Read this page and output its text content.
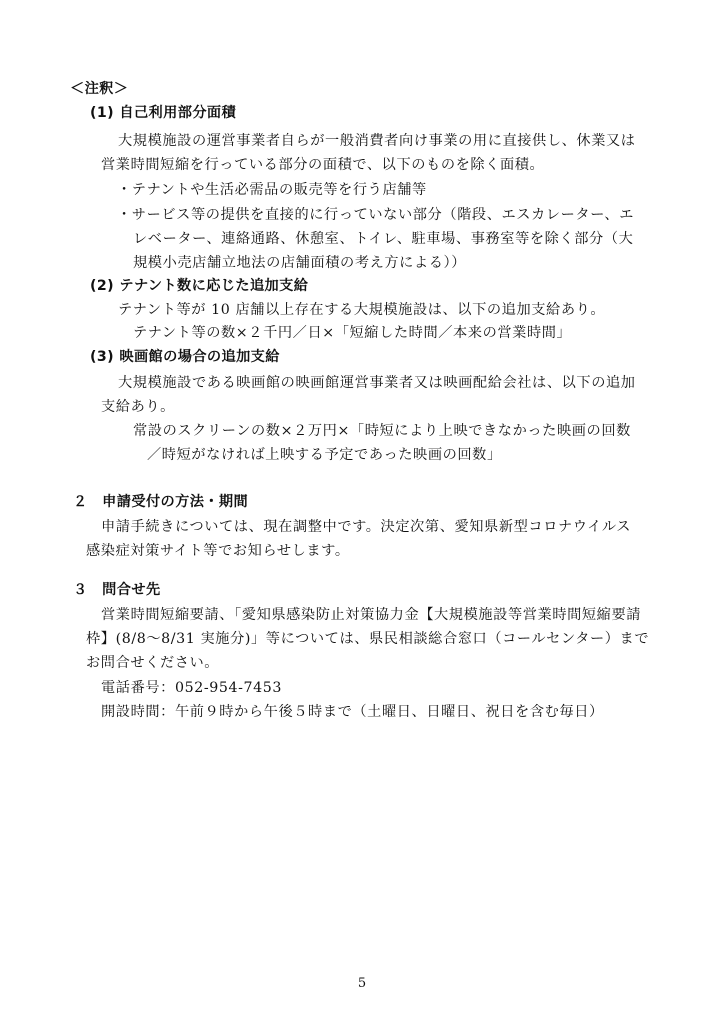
＜注釈＞
(1) 自己利用部分面積
大規模施設の運営事業者自らが一般消費者向け事業の用に直接供し、休業又は
営業時間短縮を行っている部分の面積で、以下のものを除く面積。
・テナントや生活必需品の販売等を行う店舗等
・サービス等の提供を直接的に行っていない部分（階段、エスカレーター、エ
レベーター、連絡通路、休憩室、トイレ、駐車場、事務室等を除く部分（大
規模小売店舗立地法の店舗面積の考え方による））
(2) テナント数に応じた追加支給
テナント等が 10 店舗以上存在する大規模施設は、以下の追加支給あり。
テナント等の数×２千円／日×「短縮した時間／本来の営業時間」
(3) 映画館の場合の追加支給
大規模施設である映画館の映画館運営事業者又は映画配給会社は、以下の追加
支給あり。
常設のスクリーンの数×２万円×「時短により上映できなかった映画の回数
／時短がなければ上映する予定であった映画の回数」
２　申請受付の方法・期間
申請手続きについては、現在調整中です。決定次第、愛知県新型コロナウイルス
感染症対策サイト等でお知らせします。
３　問合せ先
営業時間短縮要請、「愛知県感染防止対策協力金【大規模施設等営業時間短縮要請
枠】(8/8～8/31 実施分)」等については、県民相談総合窓口（コールセンター）まで
お問合せください。
電話番号：052-954-7453
開設時間：午前９時から午後５時まで（土曜日、日曜日、祝日を含む毎日）
5
